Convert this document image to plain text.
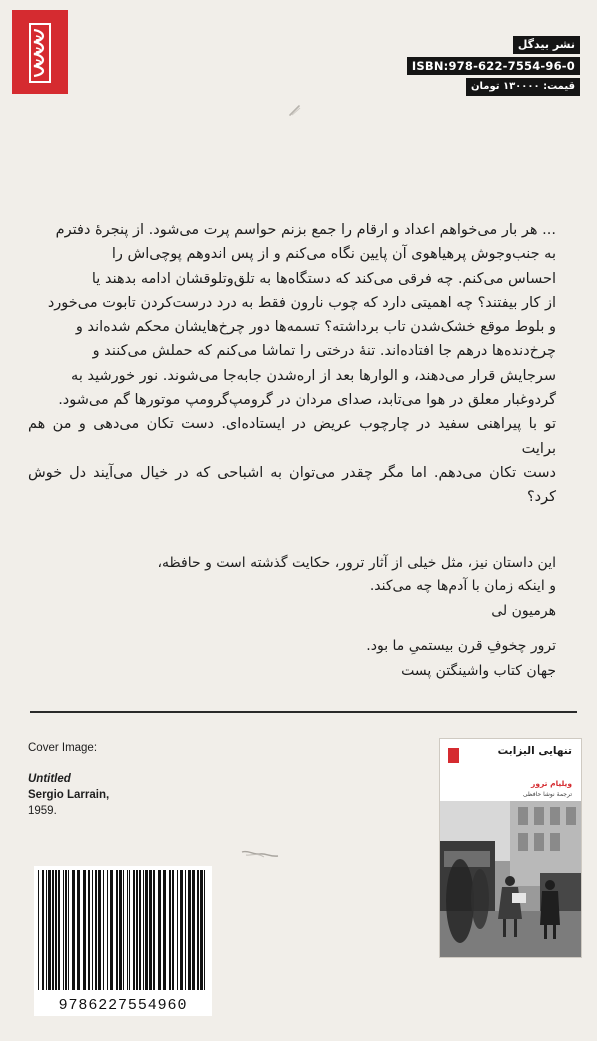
نشر بیدگل
ISBN:978-622-7554-96-0
قیمت: ۱۳۰۰۰۰ تومان
... هر بار می‌خواهم اعداد و ارقام را جمع بزنم حواسم پرت می‌شود. از پنجرهٔ دفترم
به جنب‌وجوش پرهیاهوی آن پایین نگاه می‌کنم و از پس اندوهم پوچی‌اش را
احساس می‌کنم. چه فرقی می‌کند که دستگاه‌ها به تلق‌وتلوقشان ادامه بدهند یا
از کار بیفتند؟ چه اهمیتی دارد که چوب نارون فقط به درد درست‌کردن تابوت می‌خورد
و بلوط موقع خشک‌شدن تاب برداشته؟ تسمه‌ها دور چرخ‌هایشان محکم شده‌اند و
چرخ‌دنده‌ها درهم جا افتاده‌اند. تنهٔ درختی را تماشا می‌کنم که حملش می‌کنند و
سرجایش قرار می‌دهند، و الوارها بعد از اره‌شدن جابه‌جا می‌شوند. نور خورشید به
گردوغبار معلق در هوا می‌تابد، صدای مردان در گرومپ‌گرومپ موتورها گم می‌شود.
تو با پیراهنی سفید در چارچوب عریض در ایستاده‌ای. دست تکان می‌دهی و من هم برایت
دست تکان می‌دهم. اما مگر چقدر می‌توان به اشباحی که در خیال می‌آیند دل خوش کرد؟
این داستان نیز، مثل خیلی از آثار ترور، حکایت گذشته است و حافظه،
و اینکه زمان با آدم‌ها چه می‌کند.
هرمیون لی
ترور چخوفِ قرن بیستمیِ ما بود.
جهان کتاب واشینگتن پست
Cover Image:
Untitled
Sergio Larrain,
1959.
9786227554960
تنهایی الیزابت
ویلیام ترور
ترجمهٔ نوشا حافظی
